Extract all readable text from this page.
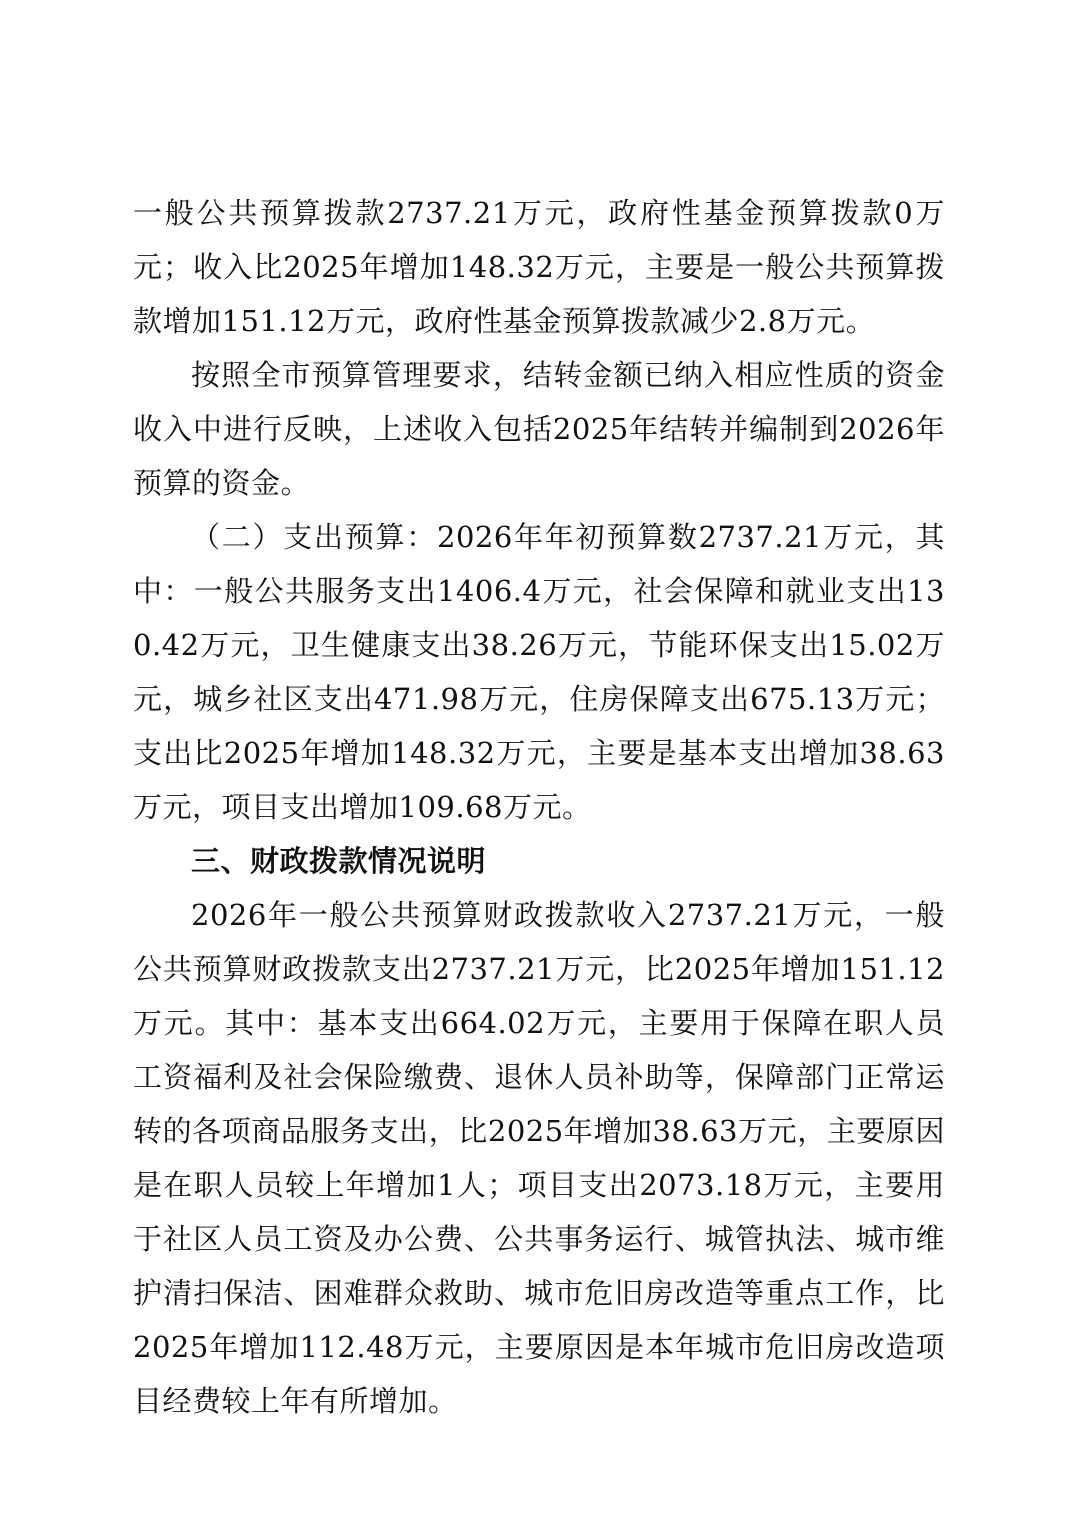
一般公共预算拨款2737.21万元，政府性基金预算拨款0万元；收入比2025年增加148.32万元，主要是一般公共预算拨款增加151.12万元，政府性基金预算拨款减少2.8万元。

按照全市预算管理要求，结转金额已纳入相应性质的资金收入中进行反映，上述收入包括2025年结转并编制到2026年预算的资金。

（二）支出预算：2026年年初预算数2737.21万元，其中：一般公共服务支出1406.4万元，社会保障和就业支出130.42万元，卫生健康支出38.26万元，节能环保支出15.02万元，城乡社区支出471.98万元，住房保障支出675.13万元；支出比2025年增加148.32万元，主要是基本支出增加38.63万元，项目支出增加109.68万元。

三、财政拨款情况说明

2026年一般公共预算财政拨款收入2737.21万元，一般公共预算财政拨款支出2737.21万元，比2025年增加151.12万元。其中：基本支出664.02万元，主要用于保障在职人员工资福利及社会保险缴费、退休人员补助等，保障部门正常运转的各项商品服务支出，比2025年增加38.63万元，主要原因是在职人员较上年增加1人；项目支出2073.18万元，主要用于社区人员工资及办公费、公共事务运行、城管执法、城市维护清扫保洁、困难群众救助、城市危旧房改造等重点工作，比2025年增加112.48万元，主要原因是本年城市危旧房改造项目经费较上年有所增加。
